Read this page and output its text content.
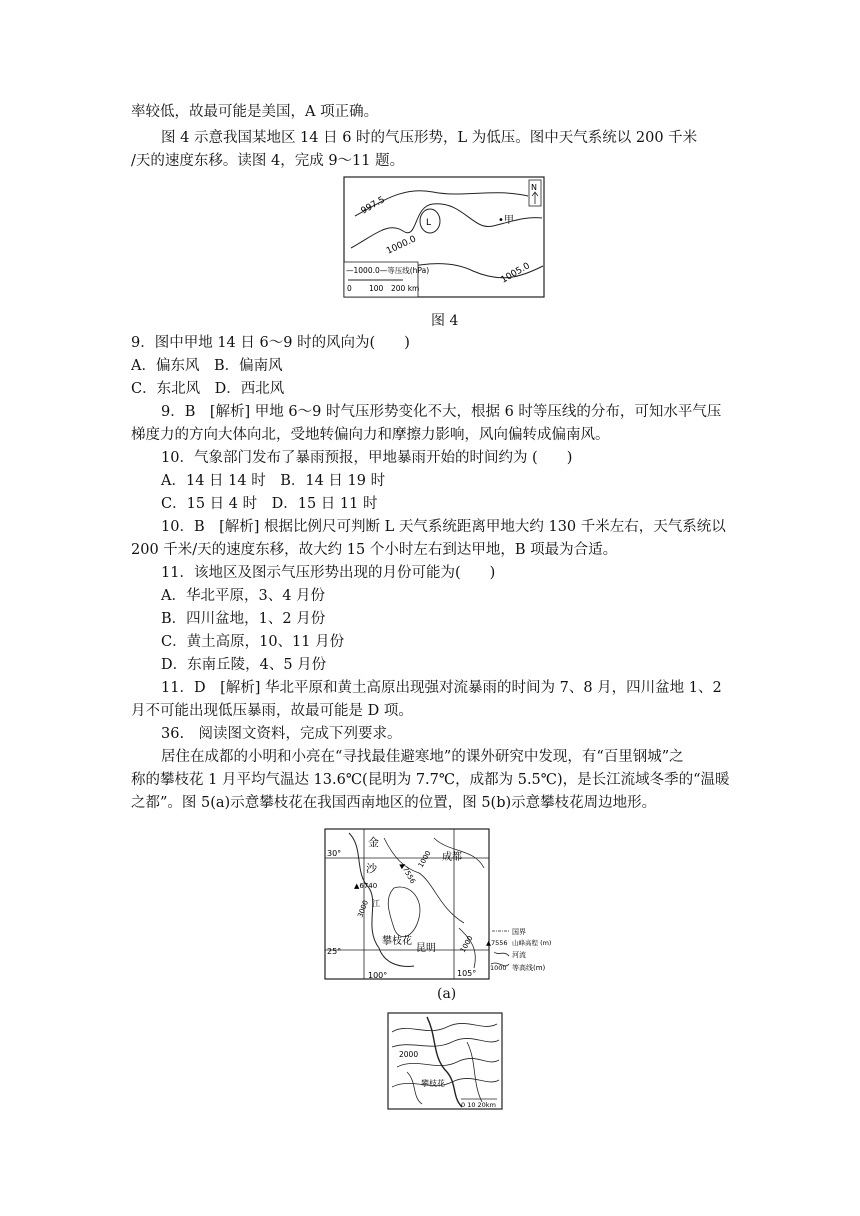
率较低，故最可能是美国，A 项正确。
图 4 示意我国某地区 14 日 6 时的气压形势，L 为低压。图中天气系统以 200 千米
/天的速度东移。读图 4，完成 9～11 题。
L	•甲
997.5
1000.0
1005.0
N
—1000.0—等压线(hPa)
0 100 200 km
图 4
9．图中甲地 14 日 6～9 时的风向为(　　)
A．偏东风　B．偏南风
C．东北风　D．西北风
9．B　[解析] 甲地 6～9 时气压形势变化不大，根据 6 时等压线的分布，可知水平气压
梯度力的方向大体向北，受地转偏向力和摩擦力影响，风向偏转成偏南风。
10．气象部门发布了暴雨预报，甲地暴雨开始的时间约为 (　　)
A．14 日 14 时　B．14 日 19 时
C．15 日 4 时　D．15 日 11 时
10．B　[解析] 根据比例尺可判断 L 天气系统距离甲地大约 130 千米左右，天气系统以
200 千米/天的速度东移，故大约 15 个小时左右到达甲地，B 项最为合适。
11．该地区及图示气压形势出现的月份可能为(　　)
A．华北平原，3、4 月份
B．四川盆地，1、2 月份
C．黄土高原，10、11 月份
D．东南丘陵，4、5 月份
11．D　[解析] 华北平原和黄土高原出现强对流暴雨的时间为 7、8 月，四川盆地 1、2
月不可能出现低压暴雨，故最可能是 D 项。
36.　阅读图文资料，完成下列要求。
居住在成都的小明和小亮在“寻找最佳避寒地”的课外研究中发现，有“百里钢城”之
称的攀枝花 1 月平均气温达 13.6℃(昆明为 7.7℃，成都为 5.5℃)，是长江流域冬季的“温暖
之都”。图 5(a)示意攀枝花在我国西南地区的位置，图 5(b)示意攀枝花周边地形。
金
沙
江
成都
昆明
攀枝花
30°
25°
100°	105°
▲6740
▲7556
1000
1000
3000
国界
▲7556 山峰高程 (m)
河流
1000 等高线(m)
(a)
2000
攀枝花
0 10 20km
